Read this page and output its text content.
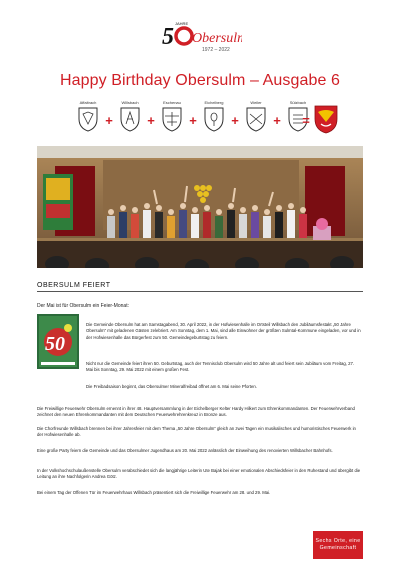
5
JAHRE
Obersulm
1972 – 2022
Happy Birthday Obersulm – Ausgabe 6
Affaltrach
+
Willsbach
+
Eschenau
+
Eichelberg
+
Weiler
+
Sülzbach
=
OBERSULM FEIERT
Der Mai ist für Obersulm ein Feier-Monat:
50
Die Gemeinde Obersulm hat am Samstagabend, 30. April 2022, in der Hofwiesenhalle im Ortsteil Willsbach den Jubiläumsfestakt „50 Jahre Obersulm“ mit geladenen Gästen zelebriert. Am Sonntag, dem 1. Mai, sind alle Einwohner der größten Sulmtal-Kommune eingeladen, vor und in der Hofwiesenhalle das Bürgerfest zum 50. Gemeindegeburtstag zu feiern.
Nicht nur die Gemeinde feiert ihren 50. Geburtstag, auch der Tennisclub Obersulm wird 50 Jahre alt und feiert sein Jubiläum vom Freitag, 27. Mai bis Sonntag, 29. Mai 2022 mit einem großen Fest.
Die Freibadsaison beginnt, das Obersulmer Mineralfreibad öffnet am 6. Mai seine Pforten.
Die Freiwillige Feuerwehr Obersulm ernennt in ihrer 48. Hauptversammlung in der Eichelberger Kelter Hardy Hilkert zum Ehrenkommandanten. Der Feuerwehrverband zeichnet den neuen Ehrenkommandanten mit dem Deutschen Feuerwehrehrenkreuz in Bronze aus.
Die Chorfreunde Willsbach brennen bei ihrer Jahresfeier mit dem Thema „50 Jahre Obersulm“ gleich an zwei Tagen ein musikalisches und humoristisches Feuerwerk in der Hofwiesenhalle ab.
Eine große Party feiern die Gemeinde und das Obersulmer Jugendhaus am 20. Mai 2022 anlässlich der Einweihung des renovierten Willsbacher Bahnhofs.
In der Volkshochschulaußenstelle Obersulm verabschiedet sich die langjährige Leiterin Ute Bajak bei einer emotionalen Abschiedsfeier in den Ruhestand und übergibt die Leitung an ihre Nachfolgerin Andrea Götz.
Bei einem Tag der Offenen Tür im Feuerwehrhaus Willsbach präsentiert sich die Freiwillige Feuerwehr am 28. und 29. Mai.
Sechs Orte, eine Gemeinschaft
